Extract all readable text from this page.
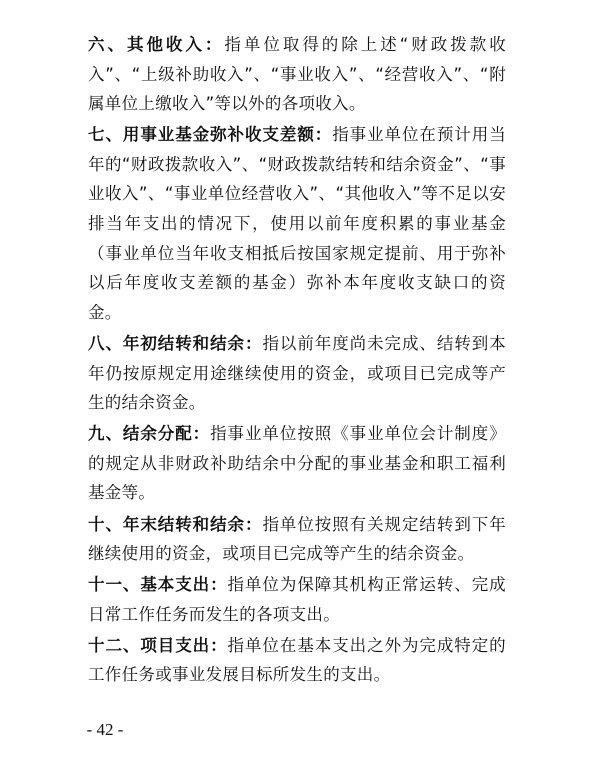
六、其他收入：指单位取得的除上述“财政拨款收入”、“上级补助收入”、“事业收入”、“经营收入”、“附属单位上缴收入”等以外的各项收入。

七、用事业基金弥补收支差额：指事业单位在预计用当年的“财政拨款收入”、“财政拨款结转和结余资金”、“事业收入”、“事业单位经营收入”、“其他收入”等不足以安排当年支出的情况下，使用以前年度积累的事业基金（事业单位当年收支相抵后按国家规定提前、用于弥补以后年度收支差额的基金）弥补本年度收支缺口的资金。

八、年初结转和结余：指以前年度尚未完成、结转到本年仍按原规定用途继续使用的资金，或项目已完成等产生的结余资金。

九、结余分配：指事业单位按照《事业单位会计制度》的规定从非财政补助结余中分配的事业基金和职工福利基金等。

十、年末结转和结余：指单位按照有关规定结转到下年继续使用的资金，或项目已完成等产生的结余资金。

十一、基本支出：指单位为保障其机构正常运转、完成日常工作任务而发生的各项支出。

十二、项目支出：指单位在基本支出之外为完成特定的工作任务或事业发展目标所发生的支出。

- 42 -
